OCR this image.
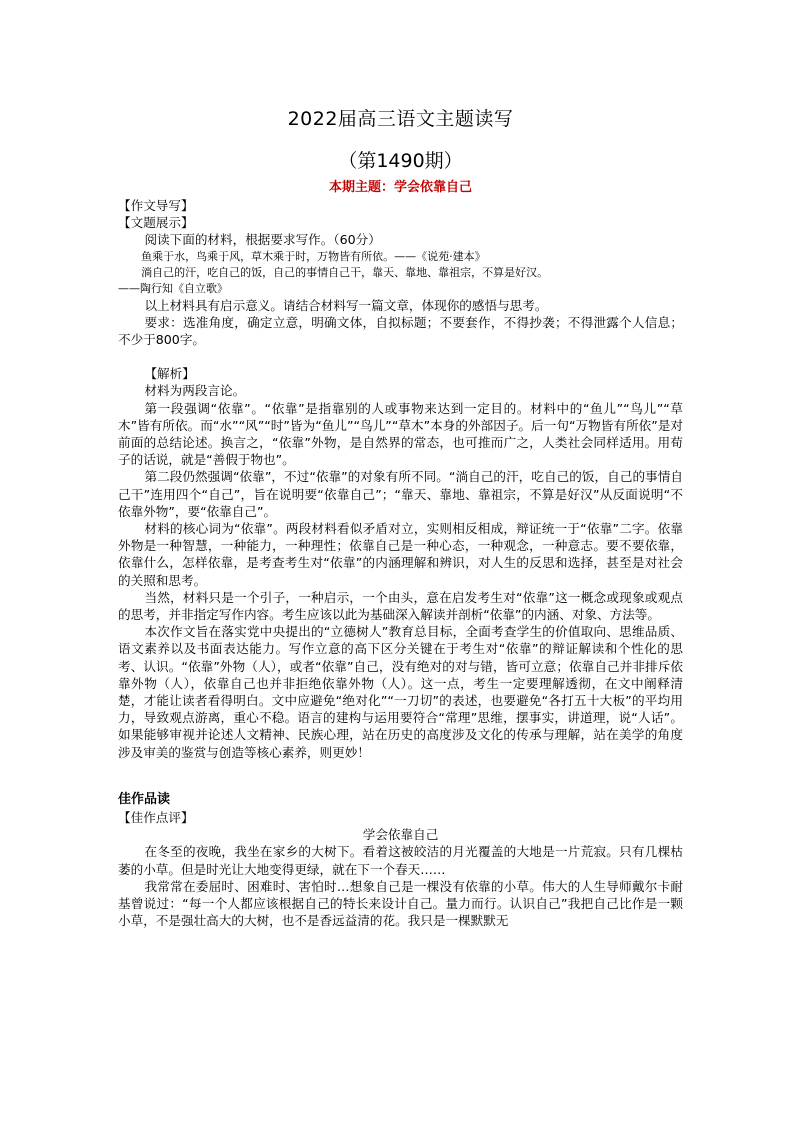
2022届高三语文主题读写
（第1490期）
本期主题：学会依靠自己

【作文导写】

【文题展示】

阅读下面的材料，根据要求写作。（60分）

鱼乘于水，鸟乘于风，草木乘于时，万物皆有所依。——《说苑·建本》

淌自己的汗，吃自己的饭，自己的事情自己干，靠天、靠地、靠祖宗，不算是好汉。

——陶行知《自立歌》

以上材料具有启示意义。请结合材料写一篇文章，体现你的感悟与思考。

要求：选准角度，确定立意，明确文体，自拟标题；不要套作，不得抄袭；不得泄露个人信息；不少于800字。

【解析】

材料为两段言论。

第一段强调“依靠”。“依靠”是指靠别的人或事物来达到一定目的。材料中的“鱼儿”“鸟儿”“草木”皆有所依。而“水”“风”“时”皆为“鱼儿”“鸟儿”“草木”本身的外部因子。后一句“万物皆有所依”是对前面的总结论述。换言之，“依靠”外物，是自然界的常态，也可推而广之，人类社会同样适用。用荀子的话说，就是“善假于物也”。

第二段仍然强调“依靠”，不过“依靠”的对象有所不同。“淌自己的汗，吃自己的饭，自己的事情自己干”连用四个“自己”，旨在说明要“依靠自己”；“靠天、靠地、靠祖宗，不算是好汉”从反面说明“不依靠外物”，要“依靠自己”。

材料的核心词为“依靠”。两段材料看似矛盾对立，实则相反相成，辩证统一于“依靠”二字。依靠外物是一种智慧，一种能力，一种理性；依靠自己是一种心态，一种观念，一种意志。要不要依靠，依靠什么，怎样依靠，是考查考生对“依靠”的内涵理解和辨识，对人生的反思和选择，甚至是对社会的关照和思考。

当然，材料只是一个引子，一种启示，一个由头，意在启发考生对“依靠”这一概念或现象或观点的思考，并非指定写作内容。考生应该以此为基础深入解读并剖析“依靠”的内涵、对象、方法等。

本次作文旨在落实党中央提出的“立德树人”教育总目标，全面考查学生的价值取向、思维品质、语文素养以及书面表达能力。写作立意的高下区分关键在于考生对“依靠”的辩证解读和个性化的思考、认识。“依靠”外物（人），或者“依靠”自己，没有绝对的对与错，皆可立意；依靠自己并非排斥依靠外物（人），依靠自己也并非拒绝依靠外物（人）。这一点，考生一定要理解透彻，在文中阐释清楚，才能让读者看得明白。文中应避免“绝对化”“一刀切”的表述，也要避免“各打五十大板”的平均用力，导致观点游离，重心不稳。语言的建构与运用要符合“常理”思维，摆事实，讲道理，说“人话”。如果能够审视并论述人文精神、民族心理，站在历史的高度涉及文化的传承与理解，站在美学的角度涉及审美的鉴赏与创造等核心素养，则更妙！

佳作品读

【佳作点评】

学会依靠自己

在冬至的夜晚，我坐在家乡的大树下。看着这被皎洁的月光覆盖的大地是一片荒寂。只有几棵枯萎的小草。但是时光让大地变得更绿，就在下一个春天……

我常常在委屈时、困难时、害怕时…想象自己是一棵没有依靠的小草。伟大的人生导师戴尔卡耐基曾说过：“每一个人都应该根据自己的特长来设计自己。量力而行。认识自己”我把自己比作是一颗小草，不是强壮高大的大树，也不是香远益清的花。我只是一棵默默无
